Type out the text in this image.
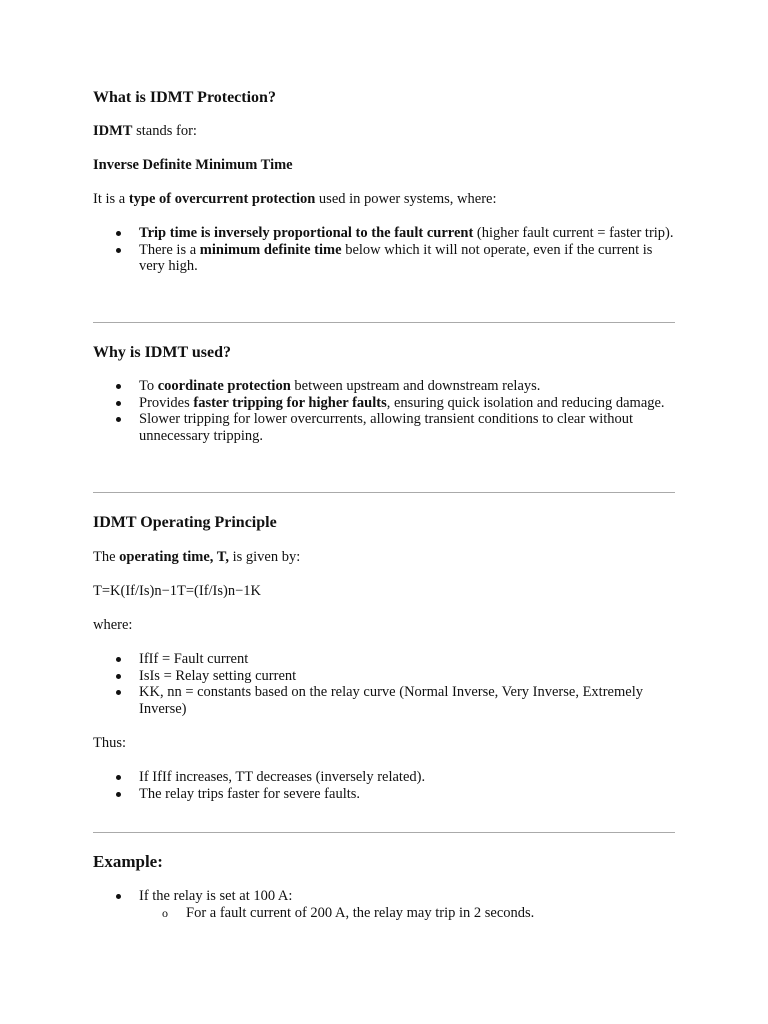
What is IDMT Protection?

IDMT stands for:

Inverse Definite Minimum Time

It is a type of overcurrent protection used in power systems, where:

Trip time is inversely proportional to the fault current (higher fault current = faster trip).
There is a minimum definite time below which it will not operate, even if the current is very high.
Why is IDMT used?
To coordinate protection between upstream and downstream relays.
Provides faster tripping for higher faults, ensuring quick isolation and reducing damage.
Slower tripping for lower overcurrents, allowing transient conditions to clear without unnecessary tripping.
IDMT Operating Principle

The operating time, T, is given by:

T=K(If/Is)n−1T=(If/Is)n−1K

where:

IfIf = Fault current
IsIs = Relay setting current
KK, nn = constants based on the relay curve (Normal Inverse, Very Inverse, Extremely Inverse)

Thus:

If IfIf increases, TT decreases (inversely related).
The relay trips faster for severe faults.
Example:
If the relay is set at 100 A:
o For a fault current of 200 A, the relay may trip in 2 seconds.
